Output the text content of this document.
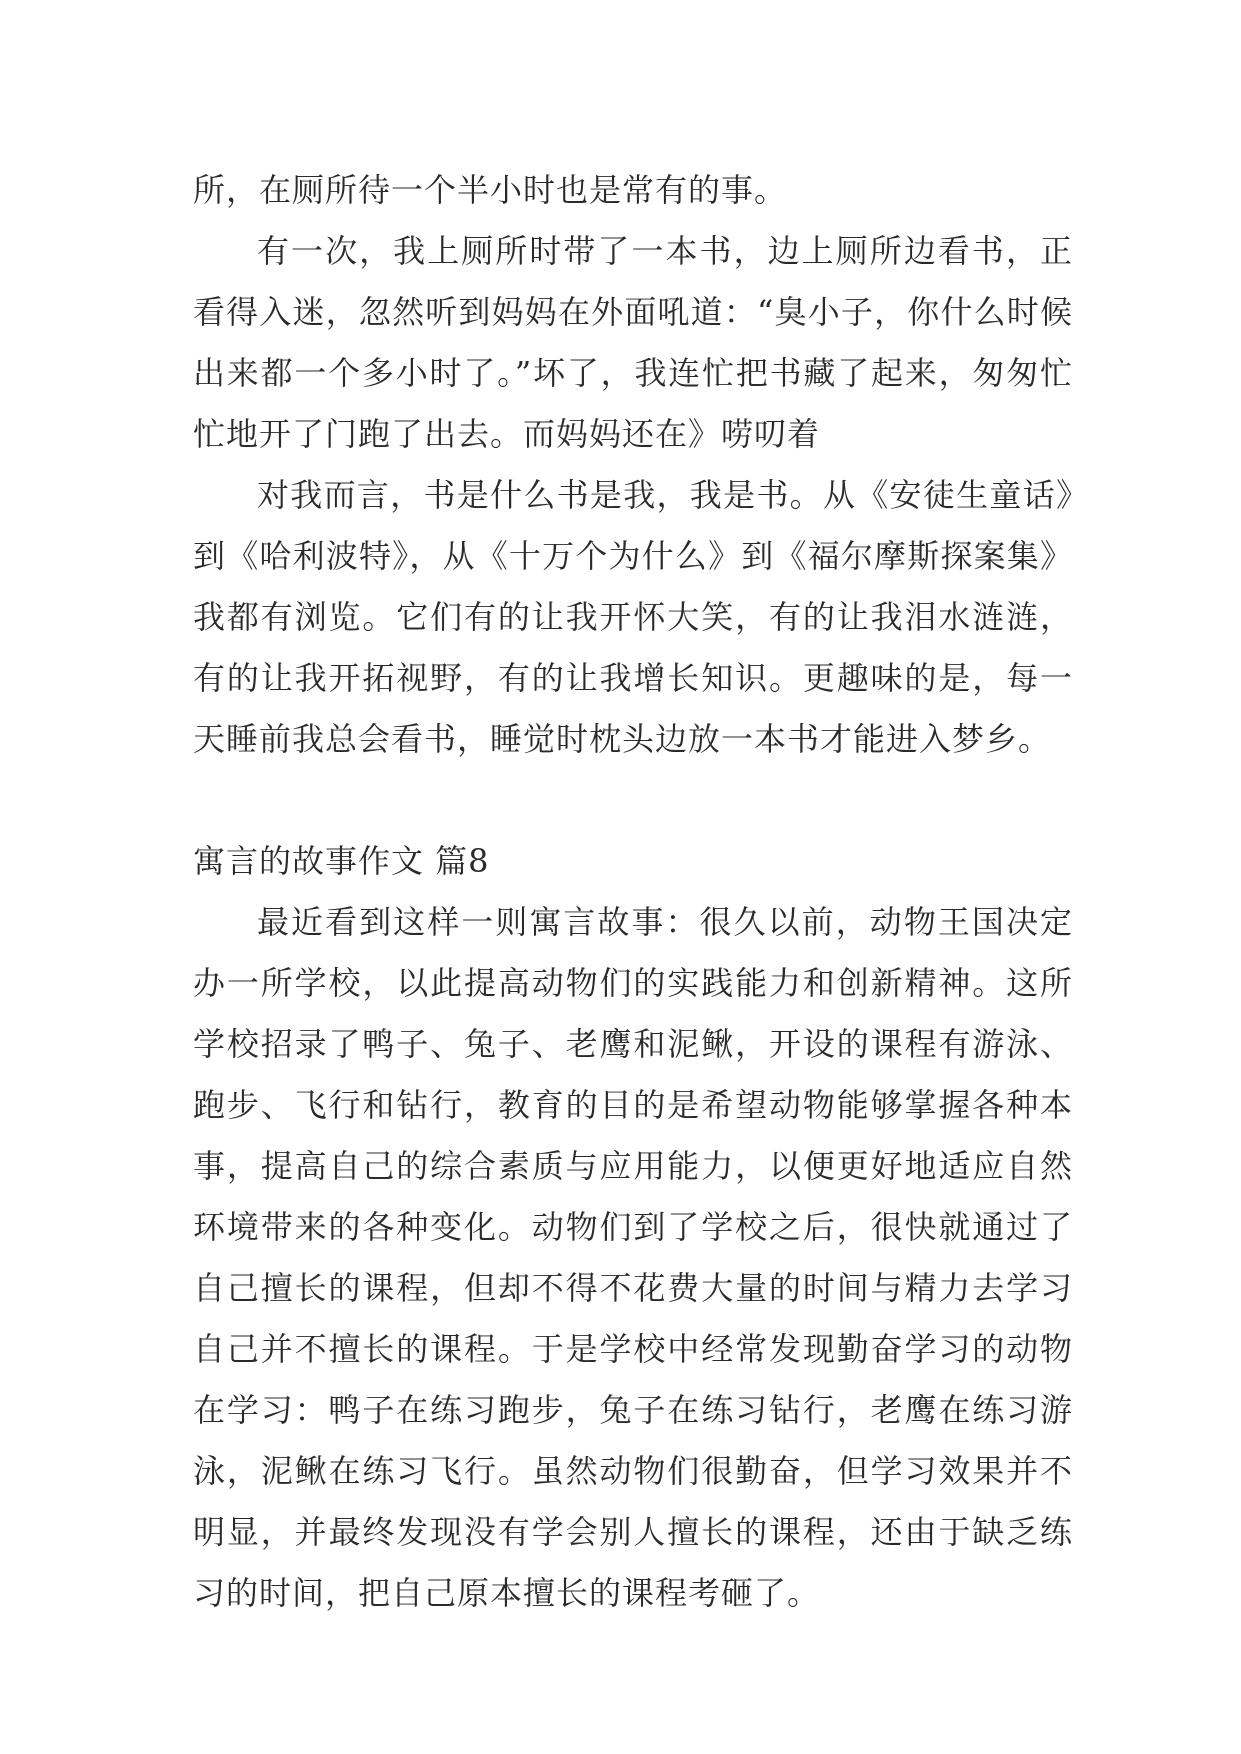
所，在厕所待一个半小时也是常有的事。

有一次，我上厕所时带了一本书，边上厕所边看书，正看得入迷，忽然听到妈妈在外面吼道：“臭小子，你什么时候出来都一个多小时了。”坏了，我连忙把书藏了起来，匆匆忙忙地开了门跑了出去。而妈妈还在》唠叨着

对我而言，书是什么书是我，我是书。从《安徒生童话》到《哈利波特》，从《十万个为什么》到《福尔摩斯探案集》我都有浏览。它们有的让我开怀大笑，有的让我泪水涟涟，有的让我开拓视野，有的让我增长知识。更趣味的是，每一天睡前我总会看书，睡觉时枕头边放一本书才能进入梦乡。

寓言的故事作文 篇8

最近看到这样一则寓言故事：很久以前，动物王国决定办一所学校，以此提高动物们的实践能力和创新精神。这所学校招录了鸭子、兔子、老鹰和泥鳅，开设的课程有游泳、跑步、飞行和钻行，教育的目的是希望动物能够掌握各种本事，提高自己的综合素质与应用能力，以便更好地适应自然环境带来的各种变化。动物们到了学校之后，很快就通过了自己擅长的课程，但却不得不花费大量的时间与精力去学习自己并不擅长的课程。于是学校中经常发现勤奋学习的动物在学习：鸭子在练习跑步，兔子在练习钻行，老鹰在练习游泳，泥鳅在练习飞行。虽然动物们很勤奋，但学习效果并不明显，并最终发现没有学会别人擅长的课程，还由于缺乏练习的时间，把自己原本擅长的课程考砸了。
